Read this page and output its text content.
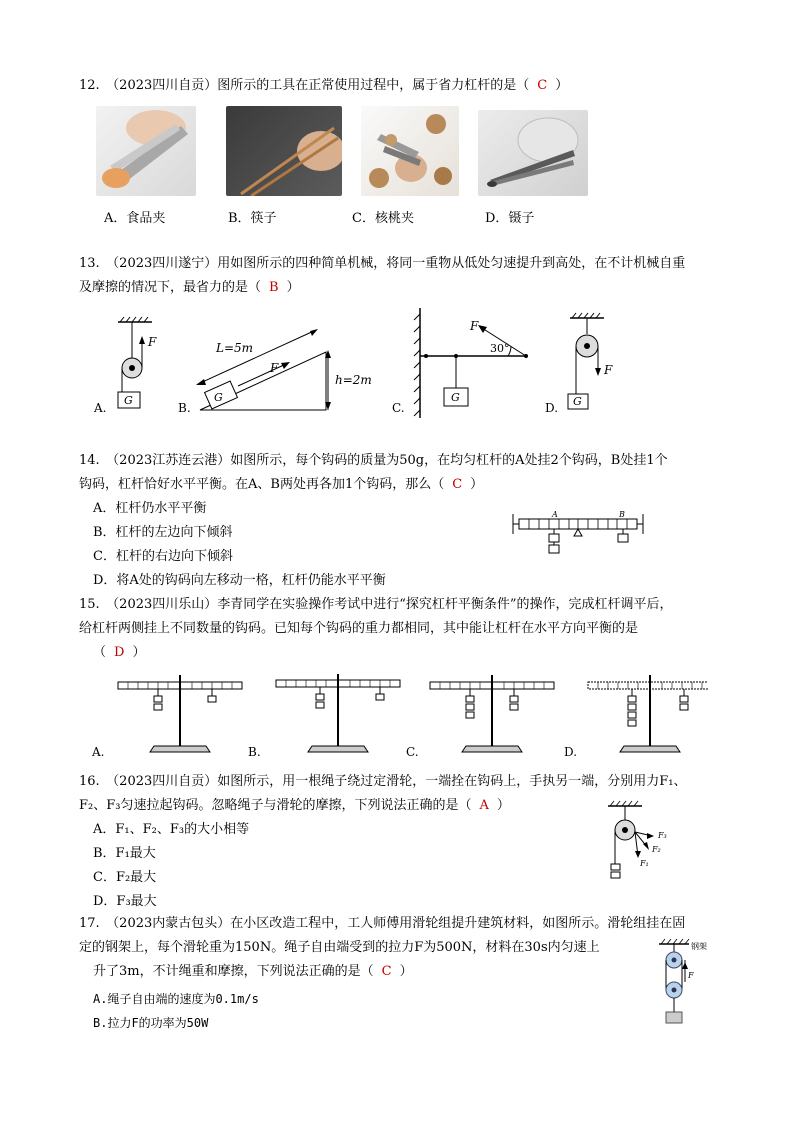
12.　（2023四川自贡）图所示的工具在正常使用过程中，属于省力杠杆的是（ C ）
A．食品夹	B．筷子	C．核桃夹	D．镊子
13.　（2023四川遂宁）用如图所示的四种简单机械，将同一重物从低处匀速提升到高处，在不计机械自重
及摩擦的情况下，最省力的是（ B ）
F
G
A.
G
F
L=5m
h=2m
B.
G
F
30°
C.
F
G
D.
14.　（2023江苏连云港）如图所示，每个钩码的质量为50g，在均匀杠杆的A处挂2个钩码，B处挂1个
钩码，杠杆恰好水平平衡。在A、B两处再各加1个钩码，那么（ C ）
A．杠杆仍水平平衡
B．杠杆的左边向下倾斜
C．杠杆的右边向下倾斜
D．将A处的钩码向左移动一格，杠杆仍能水平平衡
A	B
15.　（2023四川乐山）李青同学在实验操作考试中进行“探究杠杆平衡条件”的操作，完成杠杆调平后，
给杠杆两侧挂上不同数量的钩码。已知每个钩码的重力都相同，其中能让杠杆在水平方向平衡的是
（ D ）
A.	B.	C.	D.
16.　（2023四川自贡）如图所示，用一根绳子绕过定滑轮，一端拴在钩码上，手执另一端，分别用力F₁、
F₂、F₃匀速拉起钩码。忽略绳子与滑轮的摩擦，下列说法正确的是（ A ）
A．F₁、F₂、F₃的大小相等
B．F₁最大
C．F₂最大
D．F₃最大
F₃
F₂
F₁
17.　（2023内蒙古包头）在小区改造工程中，工人师傅用滑轮组提升建筑材料，如图所示。滑轮组挂在固
定的钢架上，每个滑轮重为150N。绳子自由端受到的拉力F为500N，材料在30s内匀速上
升了3m，不计绳重和摩擦，下列说法正确的是（ C ）
A.绳子自由端的速度为0.1m/s
B.拉力F的功率为50W
钢架
F
